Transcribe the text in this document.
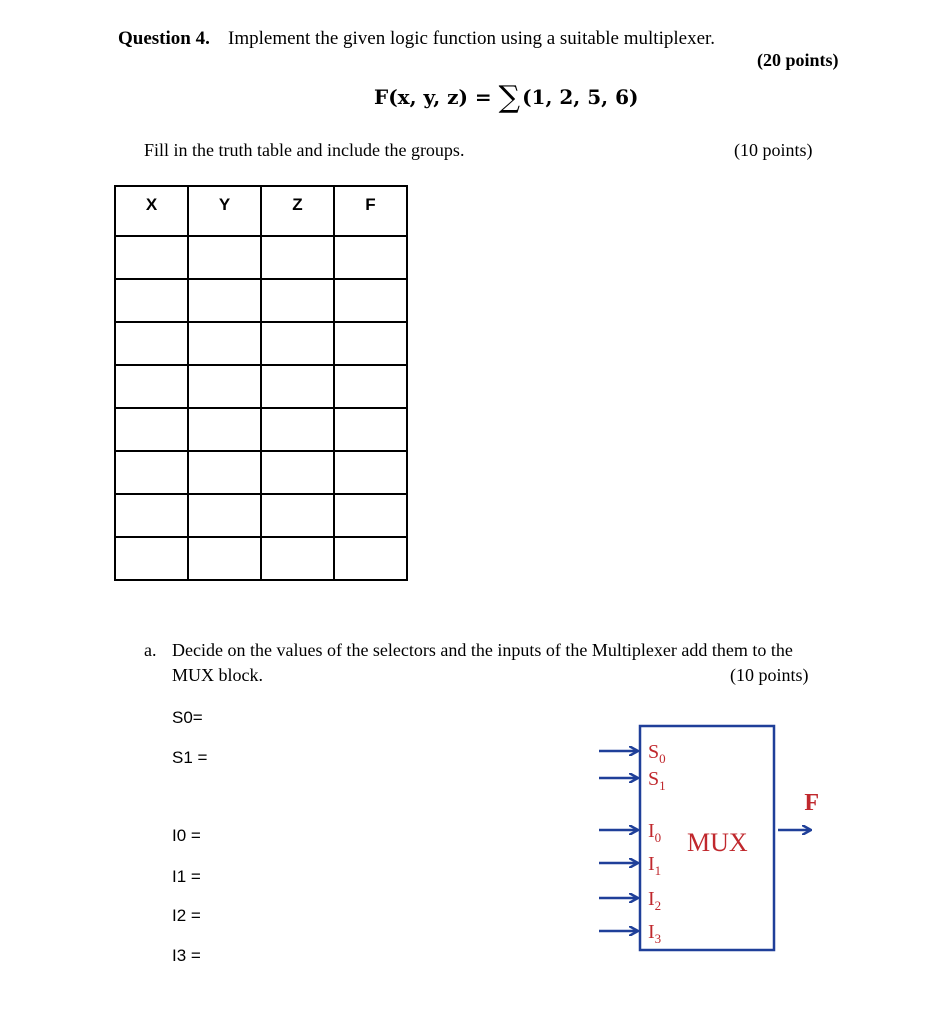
Question 4. Implement the given logic function using a suitable multiplexer.
(20 points)
F(x, y, z) = ∑ (1, 2, 5, 6)
Fill in the truth table and include the groups.	(10 points)
X	Y	Z	F

a. Decide on the values of the selectors and the inputs of the Multiplexer add them to the
MUX block.	(10 points)
S0=
S1 =
I0 =
I1 =
I2 =
I3 =
$S_0$
$S_1$
$I_0$
$I_1$
$I_2$
$I_3$
MUX
F
